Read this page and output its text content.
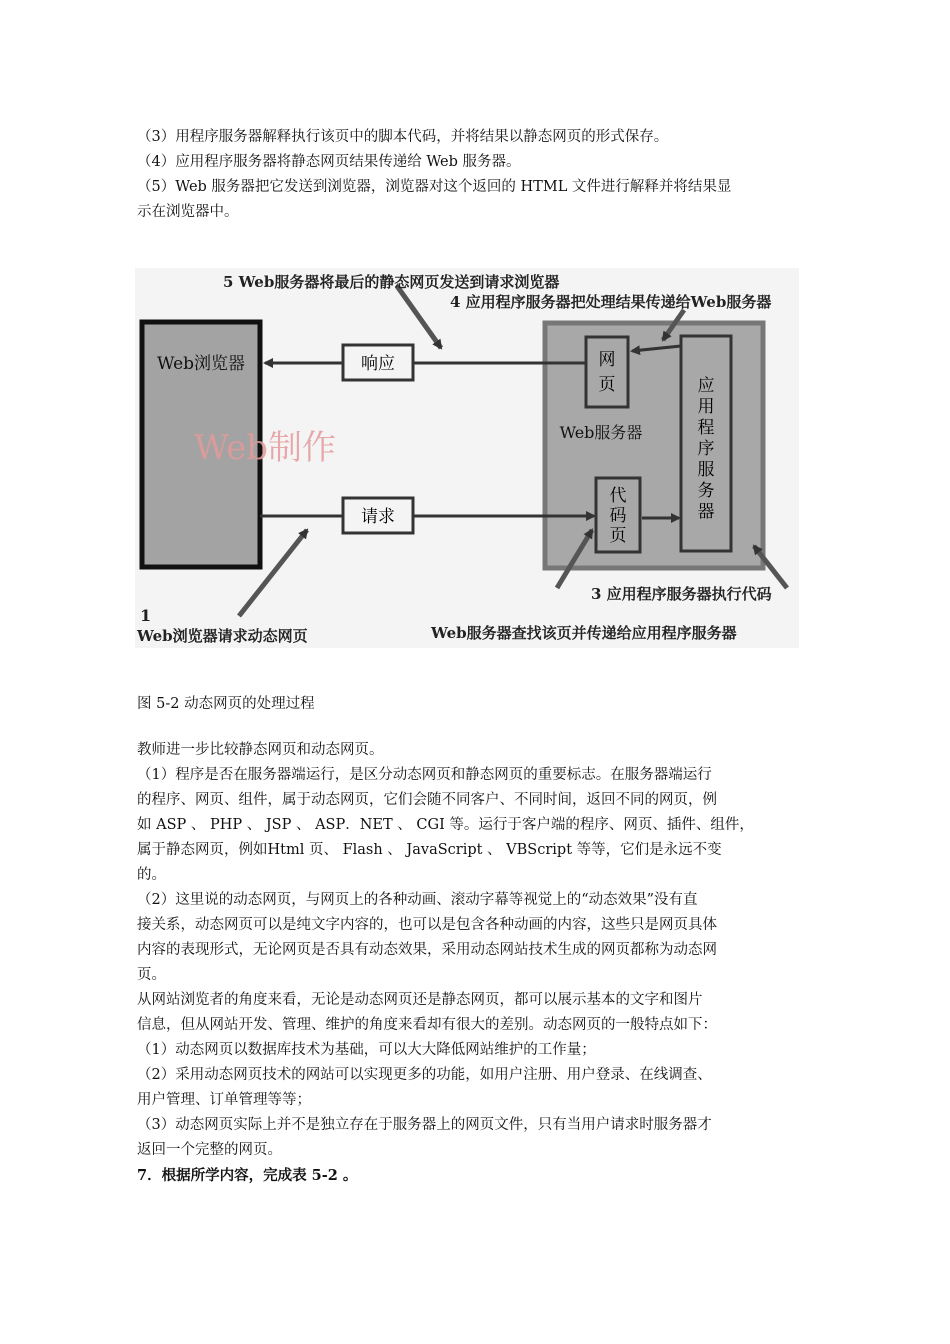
（3）用程序服务器解释执行该页中的脚本代码，并将结果以静态网页的形式保存。
（4）应用程序服务器将静态网页结果传递给 Web 服务器。
（5）Web 服务器把它发送到浏览器，浏览器对这个返回的 HTML 文件进行解释并将结果显
示在浏览器中。
Web浏览器
Web制作	Web服务器
网
页
代
码
页
应
用
程
序
服
务
器
响应
请求
5 Web服务器将最后的静态网页发送到请求浏览器
4 应用程序服务器把处理结果传递给Web服务器
3 应用程序服务器执行代码
1
Web浏览器请求动态网页	Web服务器查找该页并传递给应用程序服务器

图 5-2 动态网页的处理过程

教师进一步比较静态网页和动态网页。
（1）程序是否在服务器端运行，是区分动态网页和静态网页的重要标志。在服务器端运行
的程序、网页、组件，属于动态网页，它们会随不同客户、不同时间，返回不同的网页，例
如 ASP 、 PHP 、 JSP 、 ASP．NET 、 CGI 等。运行于客户端的程序、网页、插件、组件，
属于静态网页，例如Html 页、 Flash 、 JavaScript 、 VBScript 等等，它们是永远不变
的。
（2）这里说的动态网页，与网页上的各种动画、滚动字幕等视觉上的“动态效果”没有直
接关系，动态网页可以是纯文字内容的，也可以是包含各种动画的内容，这些只是网页具体
内容的表现形式，无论网页是否具有动态效果，采用动态网站技术生成的网页都称为动态网
页。
从网站浏览者的角度来看，无论是动态网页还是静态网页，都可以展示基本的文字和图片
信息，但从网站开发、管理、维护的角度来看却有很大的差别。动态网页的一般特点如下：
（1）动态网页以数据库技术为基础，可以大大降低网站维护的工作量；
（2）采用动态网页技术的网站可以实现更多的功能，如用户注册、用户登录、在线调查、
用户管理、订单管理等等；
（3）动态网页实际上并不是独立存在于服务器上的网页文件，只有当用户请求时服务器才
返回一个完整的网页。
7．根据所学内容，完成表 5-2 。
